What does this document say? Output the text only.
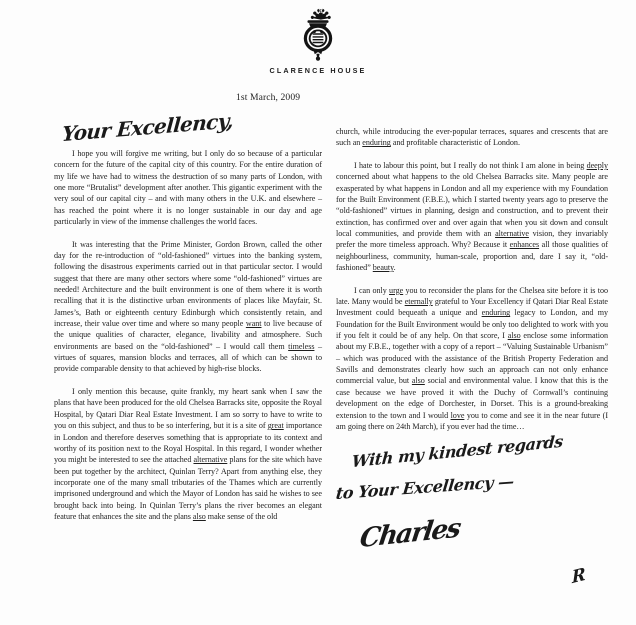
CLARENCE HOUSE
1st March, 2009
Your Excellency,

I hope you will forgive me writing, but I only do so because of a particular concern for the future of the capital city of this country. For the entire duration of my life we have had to witness the destruction of so many parts of London, with one more “Brutalist” development after another. This gigantic experiment with the very soul of our capital city – and with many others in the U.K. and elsewhere – has reached the point where it is no longer sustainable in our day and age particularly in view of the immense challenges the world faces.

It was interesting that the Prime Minister, Gordon Brown, called the other day for the re-introduction of “old-fashioned” virtues into the banking system, following the disastrous experiments carried out in that particular sector. I would suggest that there are many other sectors where some “old-fashioned” virtues are needed! Architecture and the built environment is one of them where it is worth recalling that it is the distinctive urban environments of places like Mayfair, St. James’s, Bath or eighteenth century Edinburgh which consistently retain, and increase, their value over time and where so many people want to live because of the unique qualities of character, elegance, livability and atmosphere. Such environments are based on the “old-fashioned” – I would call them timeless – virtues of squares, mansion blocks and terraces, all of which can be shown to provide comparable density to that achieved by high-rise blocks.

I only mention this because, quite frankly, my heart sank when I saw the plans that have been produced for the old Chelsea Barracks site, opposite the Royal Hospital, by Qatari Diar Real Estate Investment. I am so sorry to have to write to you on this subject, and thus to be so interfering, but it is a site of great importance in London and therefore deserves something that is appropriate to its context and worthy of its position next to the Royal Hospital. In this regard, I wonder whether you might be interested to see the attached alternative plans for the site which have been put together by the architect, Quinlan Terry? Apart from anything else, they incorporate one of the many small tributaries of the Thames which are currently imprisoned underground and which the Mayor of London has said he wishes to see brought back into being. In Quinlan Terry’s plans the river becomes an elegant feature that enhances the site and the plans also make sense of the old

church, while introducing the ever-popular terraces, squares and crescents that are such an enduring and profitable characteristic of London.

I hate to labour this point, but I really do not think I am alone in being deeply concerned about what happens to the old Chelsea Barracks site. Many people are exasperated by what happens in London and all my experience with my Foundation for the Built Environment (F.B.E.), which I started twenty years ago to preserve the “old-fashioned” virtues in planning, design and construction, and to prevent their extinction, has confirmed over and over again that when you sit down and consult local communities, and provide them with an alternative vision, they invariably prefer the more timeless approach. Why? Because it enhances all those qualities of neighbourliness, community, human-scale, proportion and, dare I say it, “old-fashioned” beauty.

I can only urge you to reconsider the plans for the Chelsea site before it is too late. Many would be eternally grateful to Your Excellency if Qatari Diar Real Estate Investment could bequeath a unique and enduring legacy to London, and my Foundation for the Built Environment would be only too delighted to work with you if you felt it could be of any help. On that score, I also enclose some information about my F.B.E., together with a copy of a report – “Valuing Sustainable Urbanism” – which was produced with the assistance of the British Property Federation and Savills and demonstrates clearly how such an approach can not only enhance commercial value, but also social and environmental value. I know that this is the case because we have proved it with the Duchy of Cornwall’s continuing development on the edge of Dorchester, in Dorset. This is a ground-breaking extension to the town and I would love you to come and see it in the near future (I am going there on 24th March), if you ever had the time…

With my kindest regards
to Your Excellency —
Charles
R
